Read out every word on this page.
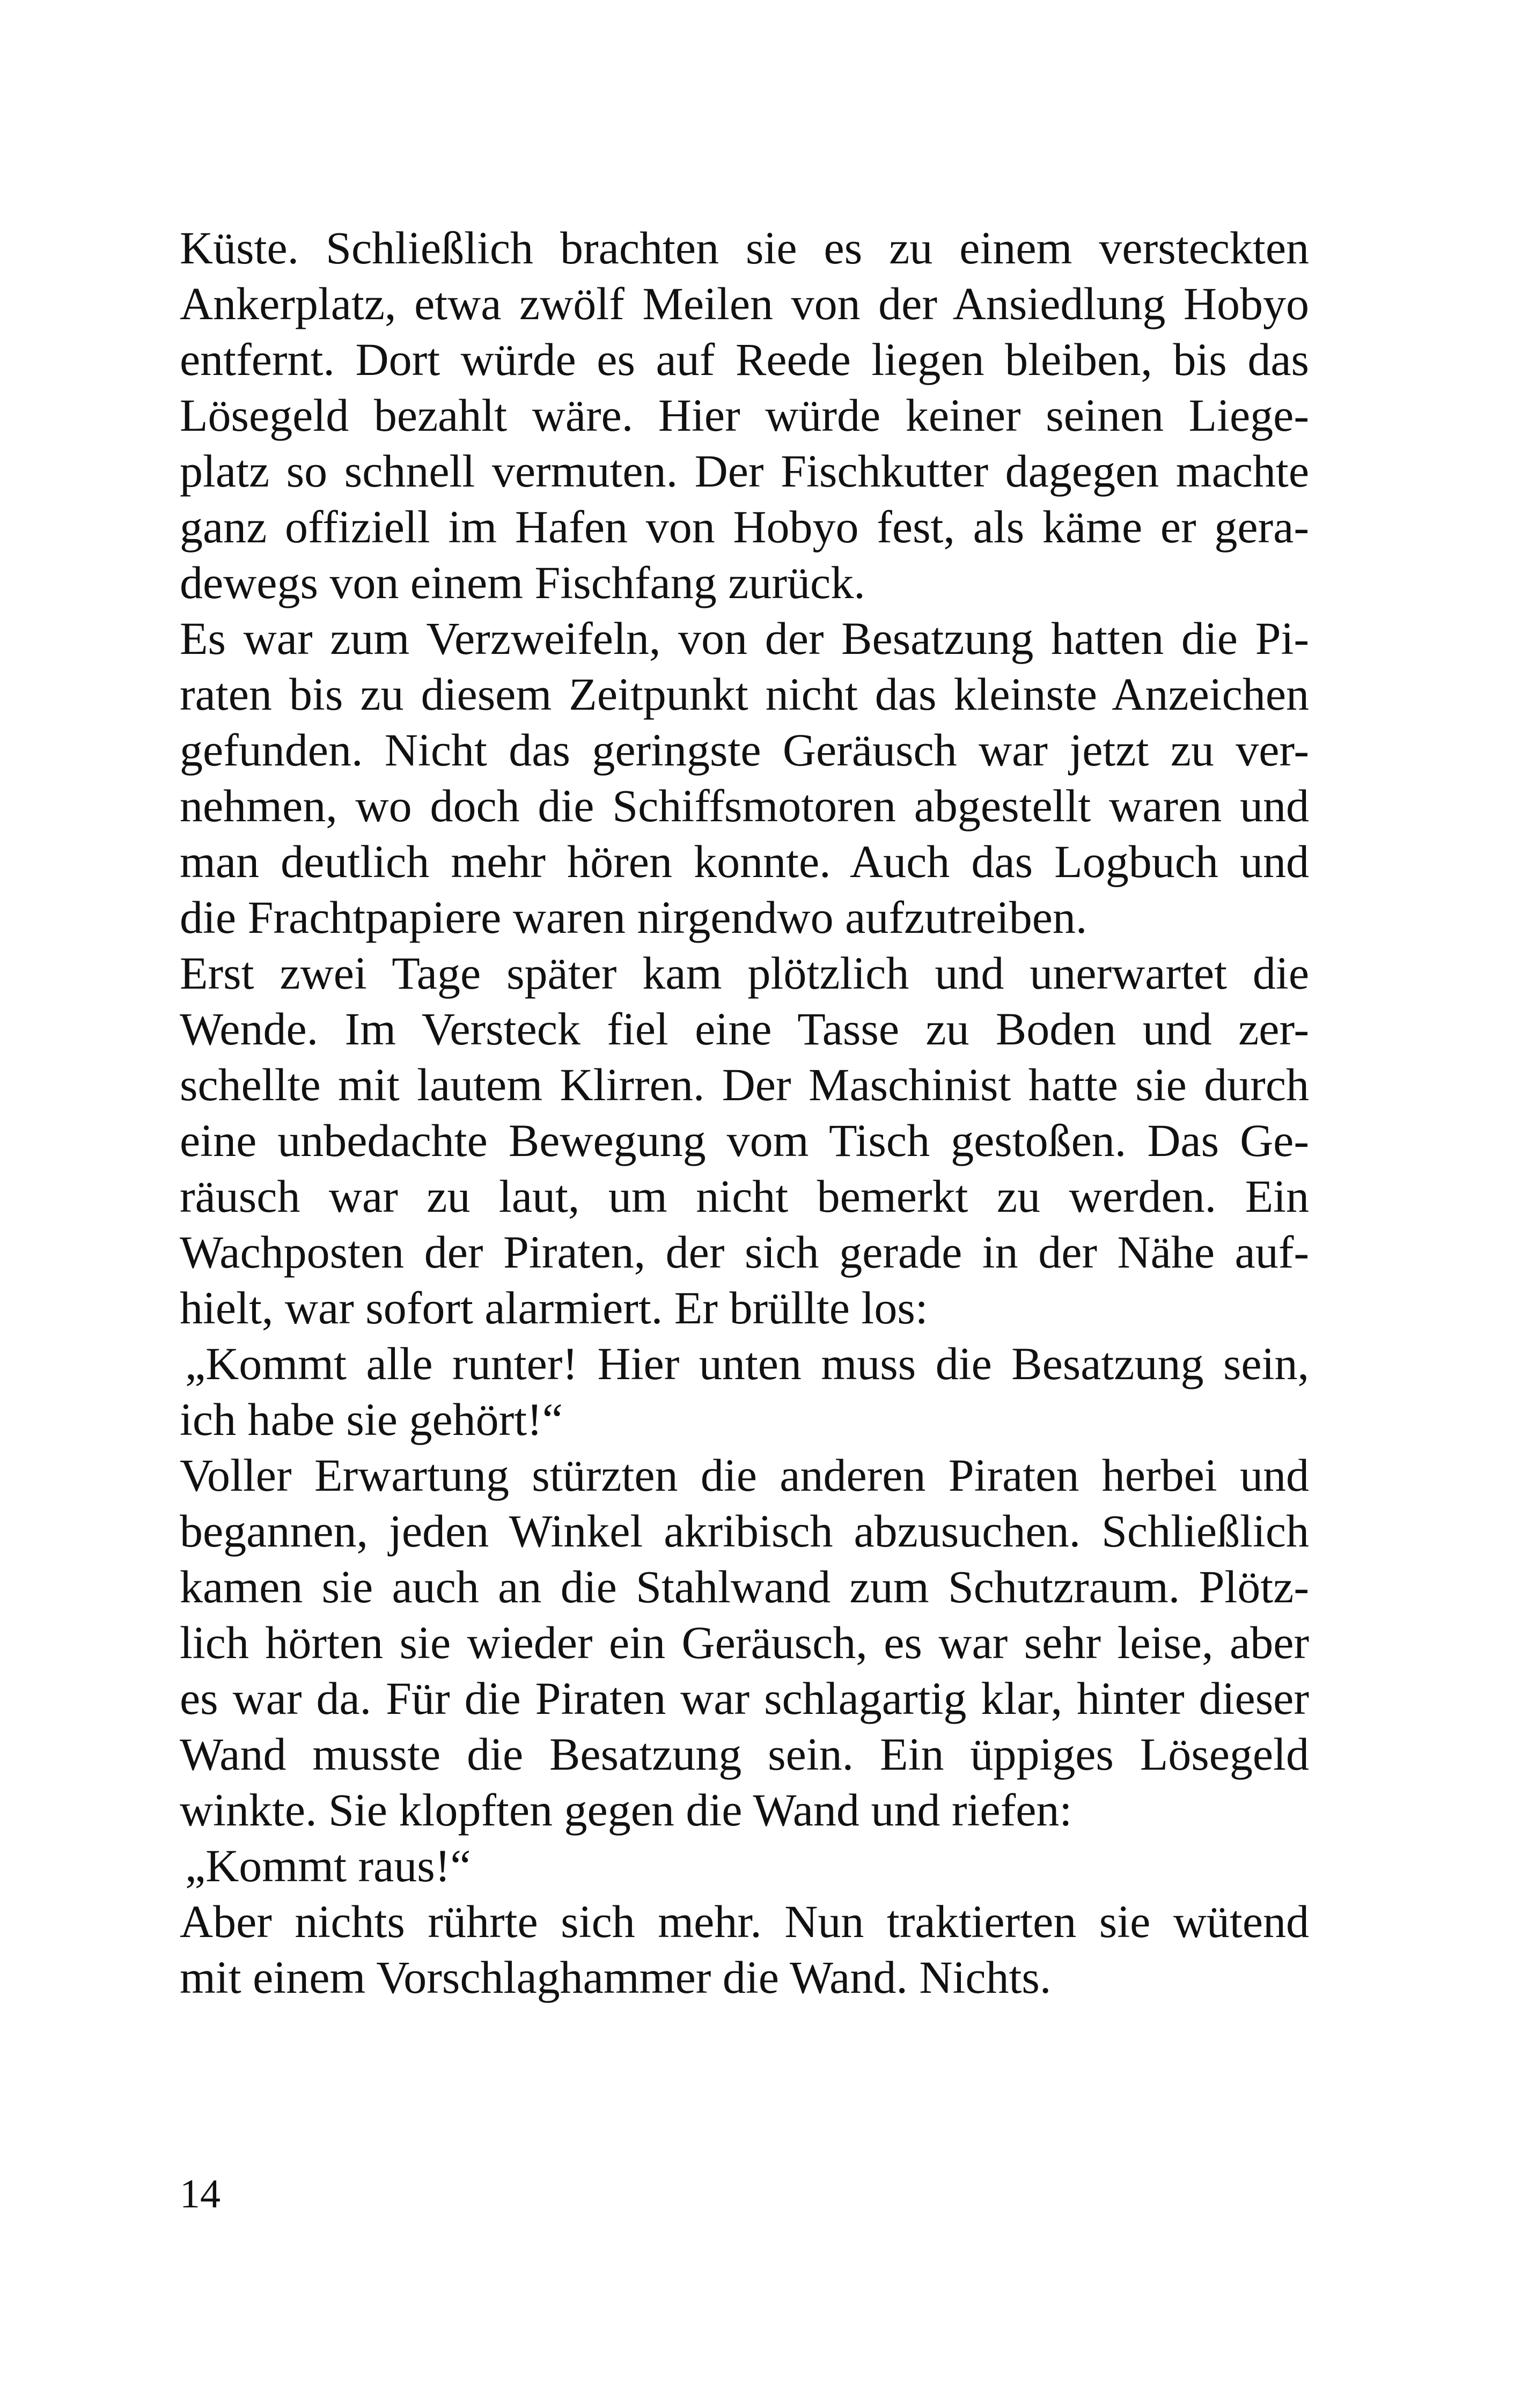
Küste. Schließlich brachten sie es zu einem versteckten
Ankerplatz, etwa zwölf Meilen von der Ansiedlung Hobyo
entfernt. Dort würde es auf Reede liegen bleiben, bis das
Lösegeld bezahlt wäre. Hier würde keiner seinen Liege-
platz so schnell vermuten. Der Fischkutter dagegen machte
ganz offiziell im Hafen von Hobyo fest, als käme er gera-
dewegs von einem Fischfang zurück.
Es war zum Verzweifeln, von der Besatzung hatten die Pi-
raten bis zu diesem Zeitpunkt nicht das kleinste Anzeichen
gefunden. Nicht das geringste Geräusch war jetzt zu ver-
nehmen, wo doch die Schiffsmotoren abgestellt waren und
man deutlich mehr hören konnte. Auch das Logbuch und
die Frachtpapiere waren nirgendwo aufzutreiben.
Erst zwei Tage später kam plötzlich und unerwartet die
Wende. Im Versteck fiel eine Tasse zu Boden und zer-
schellte mit lautem Klirren. Der Maschinist hatte sie durch
eine unbedachte Bewegung vom Tisch gestoßen. Das Ge-
räusch war zu laut, um nicht bemerkt zu werden. Ein
Wachposten der Piraten, der sich gerade in der Nähe auf-
hielt, war sofort alarmiert. Er brüllte los:
„Kommt alle runter! Hier unten muss die Besatzung sein,
ich habe sie gehört!“
Voller Erwartung stürzten die anderen Piraten herbei und
begannen, jeden Winkel akribisch abzusuchen. Schließlich
kamen sie auch an die Stahlwand zum Schutzraum. Plötz-
lich hörten sie wieder ein Geräusch, es war sehr leise, aber
es war da. Für die Piraten war schlagartig klar, hinter dieser
Wand musste die Besatzung sein. Ein üppiges Lösegeld
winkte. Sie klopften gegen die Wand und riefen:
„Kommt raus!“
Aber nichts rührte sich mehr. Nun traktierten sie wütend
mit einem Vorschlaghammer die Wand. Nichts.
14
